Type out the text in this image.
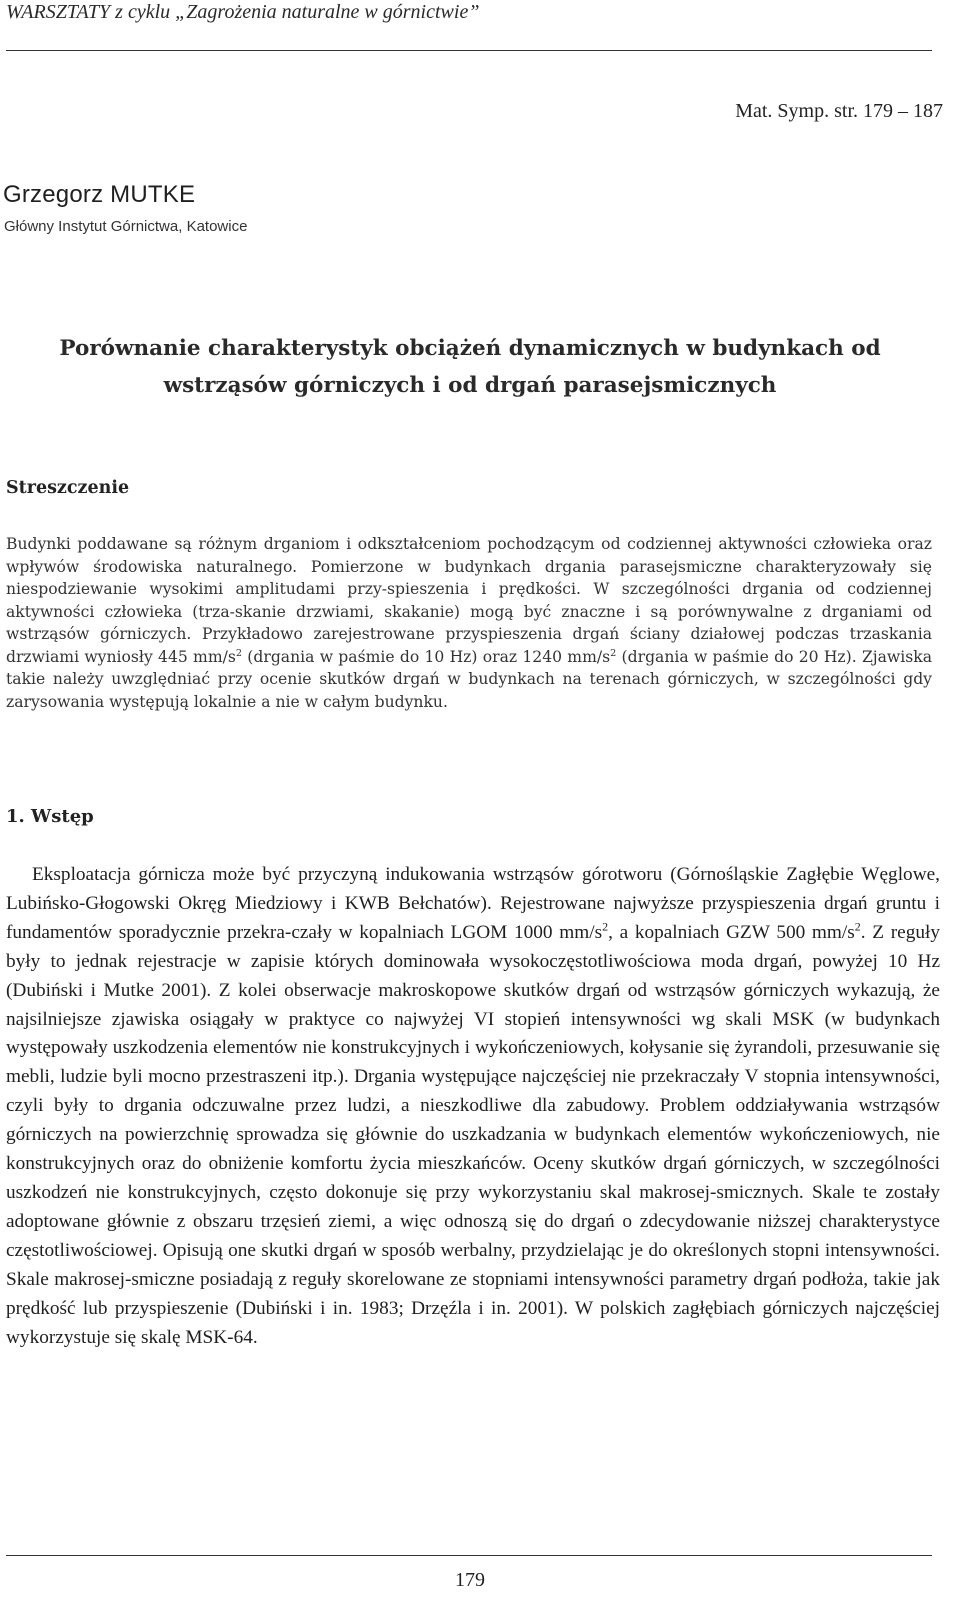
WARSZTATY z cyklu „Zagrożenia naturalne w górnictwie”
Mat. Symp. str. 179 – 187
Grzegorz MUTKE
Główny Instytut Górnictwa, Katowice
Porównanie charakterystyk obciążeń dynamicznych w budynkach od
wstrząsów górniczych i od drgań parasejsmicznych
Streszczenie

Budynki poddawane są różnym drganiom i odkształceniom pochodzącym od codziennej aktywności człowieka oraz wpływów środowiska naturalnego. Pomierzone w budynkach drgania parasejsmiczne charakteryzowały się niespodziewanie wysokimi amplitudami przy-spieszenia i prędkości. W szczególności drgania od codziennej aktywności człowieka (trza-skanie drzwiami, skakanie) mogą być znaczne i są porównywalne z drganiami od wstrząsów górniczych. Przykładowo zarejestrowane przyspieszenia drgań ściany działowej podczas trzaskania drzwiami wyniosły 445 $mm/s^2$ (drgania w paśmie do 10 Hz) oraz 1240 $mm/s^2$ (drgania w paśmie do 20 Hz). Zjawiska takie należy uwzględniać przy ocenie skutków drgań w budynkach na terenach górniczych, w szczególności gdy zarysowania występują lokalnie a nie w całym budynku.

1. Wstęp

Eksploatacja górnicza może być przyczyną indukowania wstrząsów górotworu (Górnośląskie Zagłębie Węglowe, Lubińsko-Głogowski Okręg Miedziowy i KWB Bełchatów). Rejestrowane najwyższe przyspieszenia drgań gruntu i fundamentów sporadycznie przekra-czały w kopalniach LGOM 1000 $mm/s^2$, a kopalniach GZW 500 $mm/s^2$. Z reguły były to jednak rejestracje w zapisie których dominowała wysokoczęstotliwościowa moda drgań, powyżej 10 Hz (Dubiński i Mutke 2001). Z kolei obserwacje makroskopowe skutków drgań od wstrząsów górniczych wykazują, że najsilniejsze zjawiska osiągały w praktyce co najwyżej VI stopień intensywności wg skali MSK (w budynkach występowały uszkodzenia elementów nie konstrukcyjnych i wykończeniowych, kołysanie się żyrandoli, przesuwanie się mebli, ludzie byli mocno przestraszeni itp.). Drgania występujące najczęściej nie przekraczały V stopnia intensywności, czyli były to drgania odczuwalne przez ludzi, a nieszkodliwe dla zabudowy. Problem oddziaływania wstrząsów górniczych na powierzchnię sprowadza się głównie do uszkadzania w budynkach elementów wykończeniowych, nie konstrukcyjnych oraz do obniżenie komfortu życia mieszkańców. Oceny skutków drgań górniczych, w szczególności uszkodzeń nie konstrukcyjnych, często dokonuje się przy wykorzystaniu skal makrosej-smicznych. Skale te zostały adoptowane głównie z obszaru trzęsień ziemi, a więc odnoszą się do drgań o zdecydowanie niższej charakterystyce częstotliwościowej. Opisują one skutki drgań w sposób werbalny, przydzielając je do określonych stopni intensywności. Skale makrosej-smiczne posiadają z reguły skorelowane ze stopniami intensywności parametry drgań podłoża, takie jak prędkość lub przyspieszenie (Dubiński i in. 1983; Drzęźla i in. 2001). W polskich zagłębiach górniczych najczęściej wykorzystuje się skalę MSK-64.

179
